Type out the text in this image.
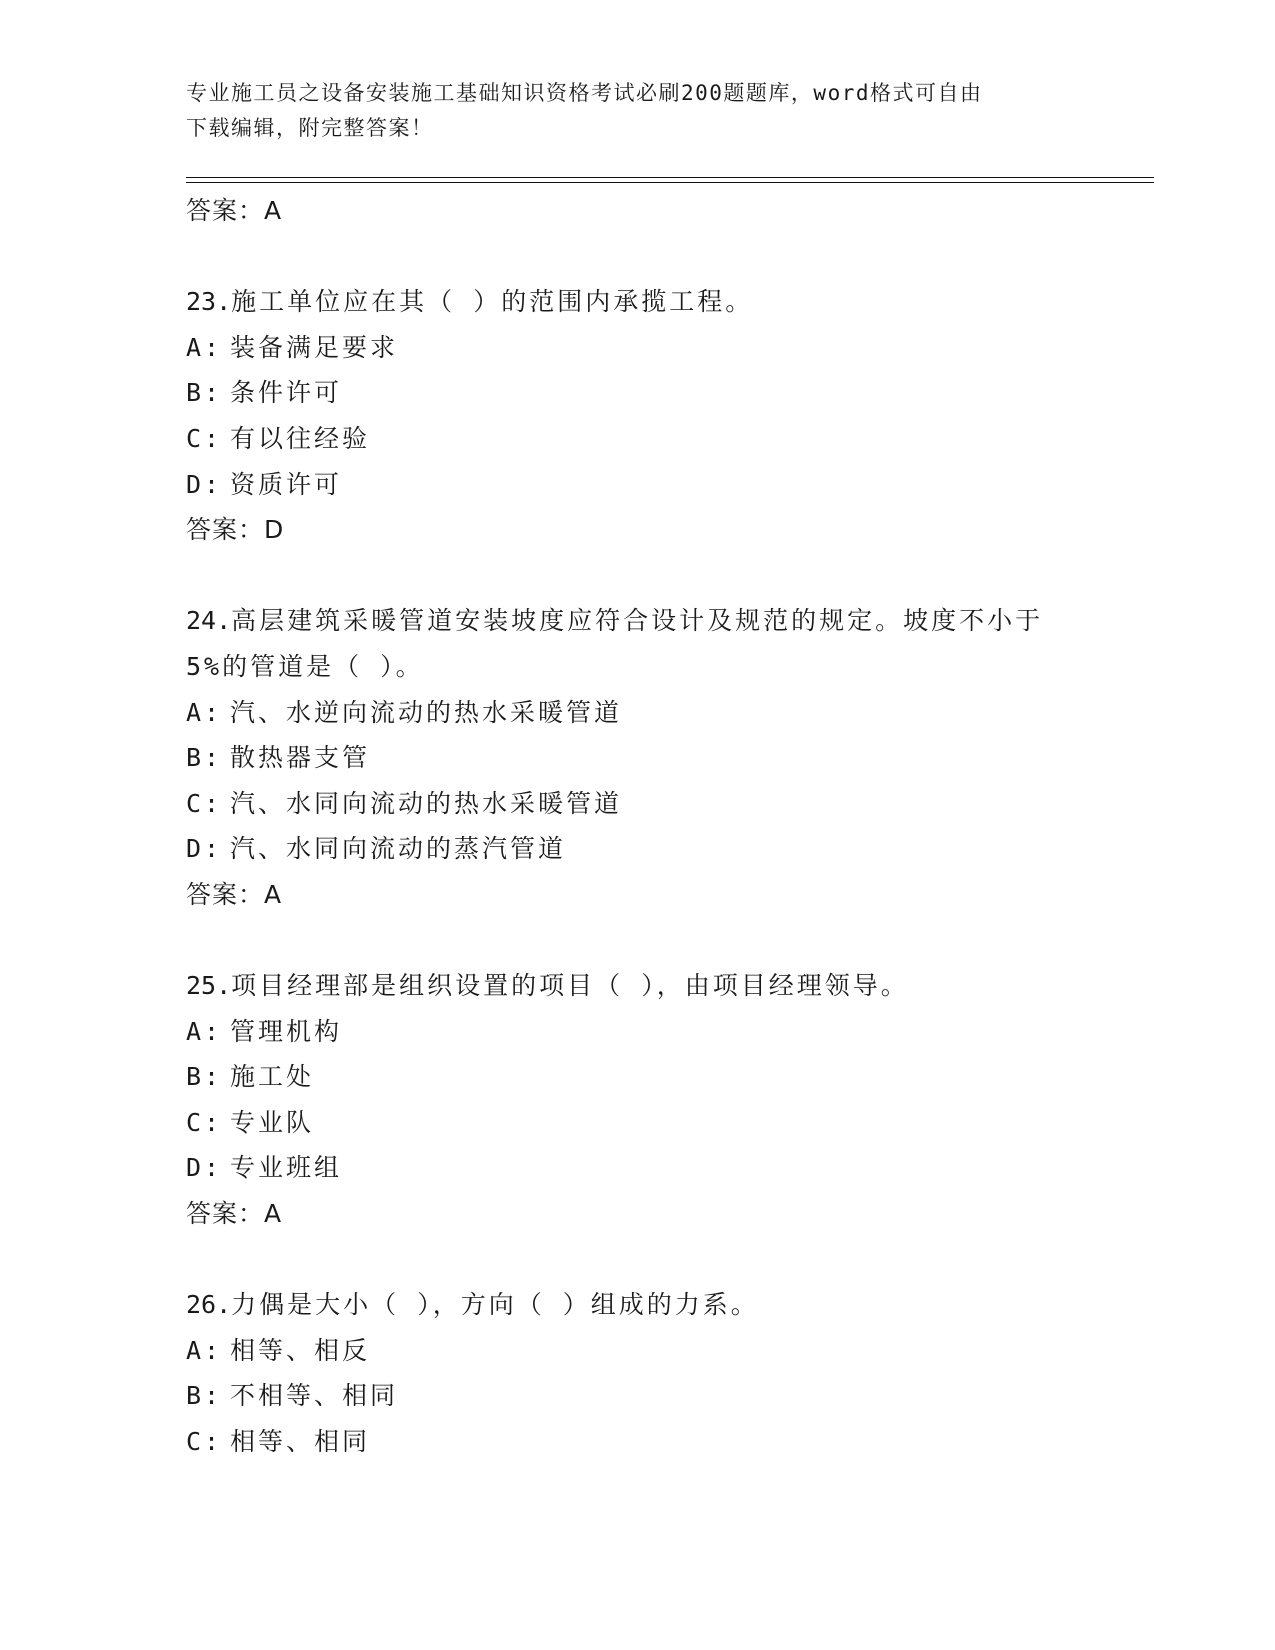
专业施工员之设备安装施工基础知识资格考试必刷200题题库，word格式可自由
下载编辑，附完整答案！
答案：A
23.施工单位应在其（ ）的范围内承揽工程。
A: 装备满足要求
B: 条件许可
C: 有以往经验
D: 资质许可
答案：D
24.高层建筑采暖管道安装坡度应符合设计及规范的规定。坡度不小于
5%的管道是（ ）。
A: 汽、水逆向流动的热水采暖管道
B: 散热器支管
C: 汽、水同向流动的热水采暖管道
D: 汽、水同向流动的蒸汽管道
答案：A
25.项目经理部是组织设置的项目（ ），由项目经理领导。
A: 管理机构
B: 施工处
C: 专业队
D: 专业班组
答案：A
26.力偶是大小（ ），方向（ ）组成的力系。
A: 相等、相反
B: 不相等、相同
C: 相等、相同
